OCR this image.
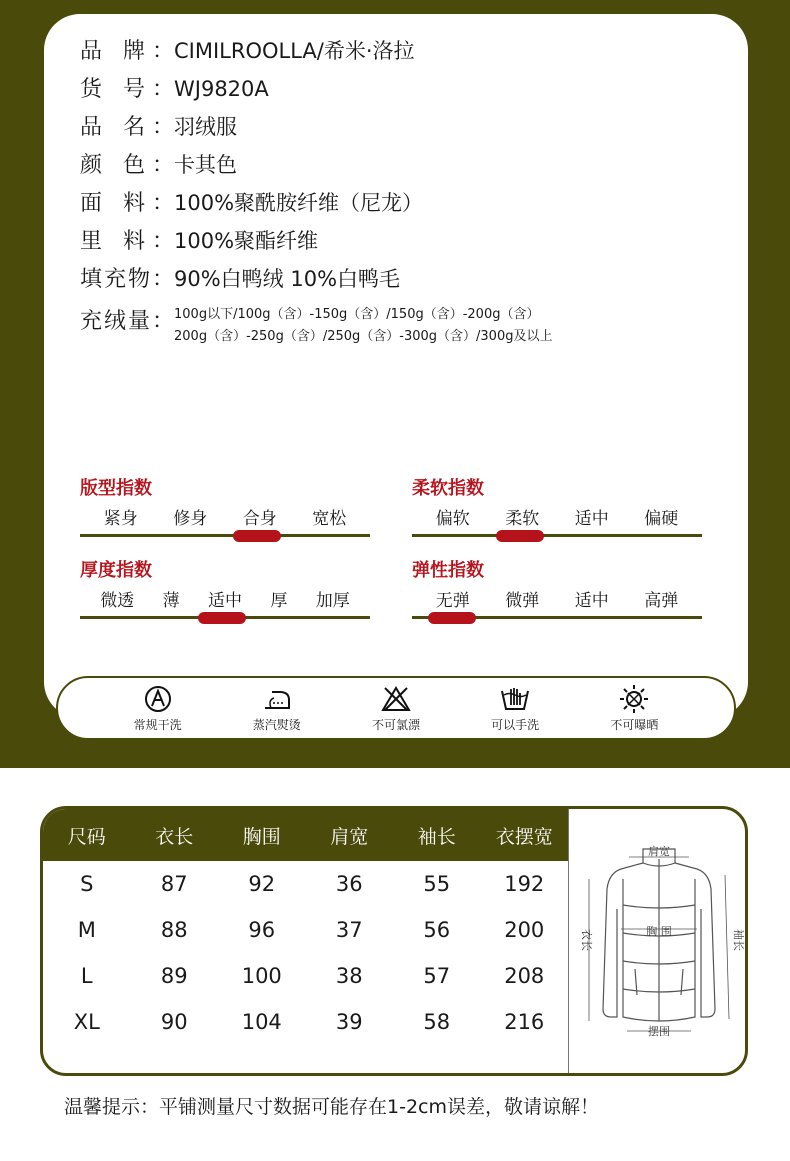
品 牌： CIMILROOLLA/希米·洛拉
货 号： WJ9820A
品 名： 羽绒服
颜 色： 卡其色
面 料： 100%聚酰胺纤维（尼龙）
里 料： 100%聚酯纤维
填充物： 90%白鸭绒 10%白鸭毛
充绒量： 100g以下/100g（含）-150g（含）/150g（含）-200g（含）
200g（含）-250g（含）/250g（含）-300g（含）/300g及以上
版型指数
紧身 修身 合身 宽松
柔软指数
偏软 柔软 适中 偏硬
厚度指数
微透 薄 适中 厚 加厚
弹性指数
无弹 微弹 适中 高弹
常规干洗	蒸汽熨烫	不可氯漂	可以手洗	不可曝晒
尺码	衣长	胸围	肩宽	袖长	衣摆宽
S	87	92	36	55	192
M	88	96	37	56	200
L	89	100	38	57	208
XL	90	104	39	58	216
肩宽
胸 围
摆围
衣长	袖长
温馨提示：平铺测量尺寸数据可能存在1-2cm误差，敬请谅解！
